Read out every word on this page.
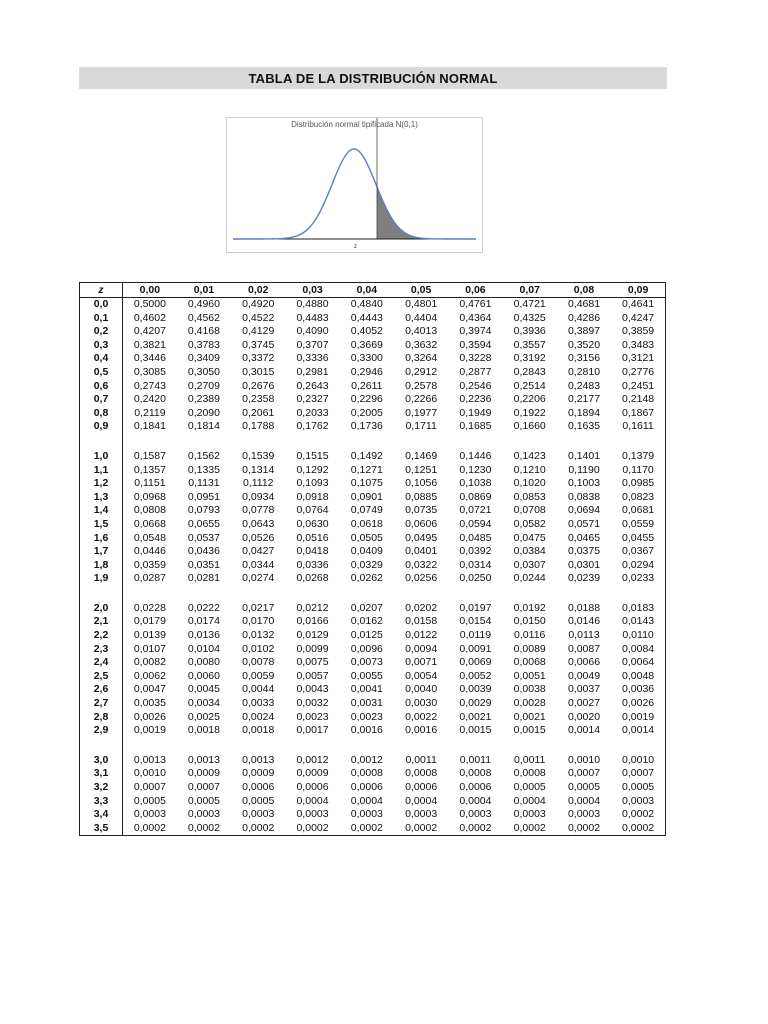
TABLA DE LA DISTRIBUCIÓN NORMAL
Distribución normal tipificada N(0,1)
z
z	0,00	0,01	0,02	0,03	0,04	0,05	0,06	0,07	0,08	0,09
0,0	0,5000	0,4960	0,4920	0,4880	0,4840	0,4801	0,4761	0,4721	0,4681	0,4641
0,1	0,4602	0,4562	0,4522	0,4483	0,4443	0,4404	0,4364	0,4325	0,4286	0,4247
0,2	0,4207	0,4168	0,4129	0,4090	0,4052	0,4013	0,3974	0,3936	0,3897	0,3859
0,3	0,3821	0,3783	0,3745	0,3707	0,3669	0,3632	0,3594	0,3557	0,3520	0,3483
0,4	0,3446	0,3409	0,3372	0,3336	0,3300	0,3264	0,3228	0,3192	0,3156	0,3121
0,5	0,3085	0,3050	0,3015	0,2981	0,2946	0,2912	0,2877	0,2843	0,2810	0,2776
0,6	0,2743	0,2709	0,2676	0,2643	0,2611	0,2578	0,2546	0,2514	0,2483	0,2451
0,7	0,2420	0,2389	0,2358	0,2327	0,2296	0,2266	0,2236	0,2206	0,2177	0,2148
0,8	0,2119	0,2090	0,2061	0,2033	0,2005	0,1977	0,1949	0,1922	0,1894	0,1867
0,9	0,1841	0,1814	0,1788	0,1762	0,1736	0,1711	0,1685	0,1660	0,1635	0,1611

1,0	0,1587	0,1562	0,1539	0,1515	0,1492	0,1469	0,1446	0,1423	0,1401	0,1379
1,1	0,1357	0,1335	0,1314	0,1292	0,1271	0,1251	0,1230	0,1210	0,1190	0,1170
1,2	0,1151	0,1131	0,1112	0,1093	0,1075	0,1056	0,1038	0,1020	0,1003	0,0985
1,3	0,0968	0,0951	0,0934	0,0918	0,0901	0,0885	0,0869	0,0853	0,0838	0,0823
1,4	0,0808	0,0793	0,0778	0,0764	0,0749	0,0735	0,0721	0,0708	0,0694	0,0681
1,5	0,0668	0,0655	0,0643	0,0630	0,0618	0,0606	0,0594	0,0582	0,0571	0,0559
1,6	0,0548	0,0537	0,0526	0,0516	0,0505	0,0495	0,0485	0,0475	0,0465	0,0455
1,7	0,0446	0,0436	0,0427	0,0418	0,0409	0,0401	0,0392	0,0384	0,0375	0,0367
1,8	0,0359	0,0351	0,0344	0,0336	0,0329	0,0322	0,0314	0,0307	0,0301	0,0294
1,9	0,0287	0,0281	0,0274	0,0268	0,0262	0,0256	0,0250	0,0244	0,0239	0,0233

2,0	0,0228	0,0222	0,0217	0,0212	0,0207	0,0202	0,0197	0,0192	0,0188	0,0183
2,1	0,0179	0,0174	0,0170	0,0166	0,0162	0,0158	0,0154	0,0150	0,0146	0,0143
2,2	0,0139	0,0136	0,0132	0,0129	0,0125	0,0122	0,0119	0,0116	0,0113	0,0110
2,3	0,0107	0,0104	0,0102	0,0099	0,0096	0,0094	0,0091	0,0089	0,0087	0,0084
2,4	0,0082	0,0080	0,0078	0,0075	0,0073	0,0071	0,0069	0,0068	0,0066	0,0064
2,5	0,0062	0,0060	0,0059	0,0057	0,0055	0,0054	0,0052	0,0051	0,0049	0,0048
2,6	0,0047	0,0045	0,0044	0,0043	0,0041	0,0040	0,0039	0,0038	0,0037	0,0036
2,7	0,0035	0,0034	0,0033	0,0032	0,0031	0,0030	0,0029	0,0028	0,0027	0,0026
2,8	0,0026	0,0025	0,0024	0,0023	0,0023	0,0022	0,0021	0,0021	0,0020	0,0019
2,9	0,0019	0,0018	0,0018	0,0017	0,0016	0,0016	0,0015	0,0015	0,0014	0,0014

3,0	0,0013	0,0013	0,0013	0,0012	0,0012	0,0011	0,0011	0,0011	0,0010	0,0010
3,1	0,0010	0,0009	0,0009	0,0009	0,0008	0,0008	0,0008	0,0008	0,0007	0,0007
3,2	0,0007	0,0007	0,0006	0,0006	0,0006	0,0006	0,0006	0,0005	0,0005	0,0005
3,3	0,0005	0,0005	0,0005	0,0004	0,0004	0,0004	0,0004	0,0004	0,0004	0,0003
3,4	0,0003	0,0003	0,0003	0,0003	0,0003	0,0003	0,0003	0,0003	0,0003	0,0002
3,5	0,0002	0,0002	0,0002	0,0002	0,0002	0,0002	0,0002	0,0002	0,0002	0,0002
